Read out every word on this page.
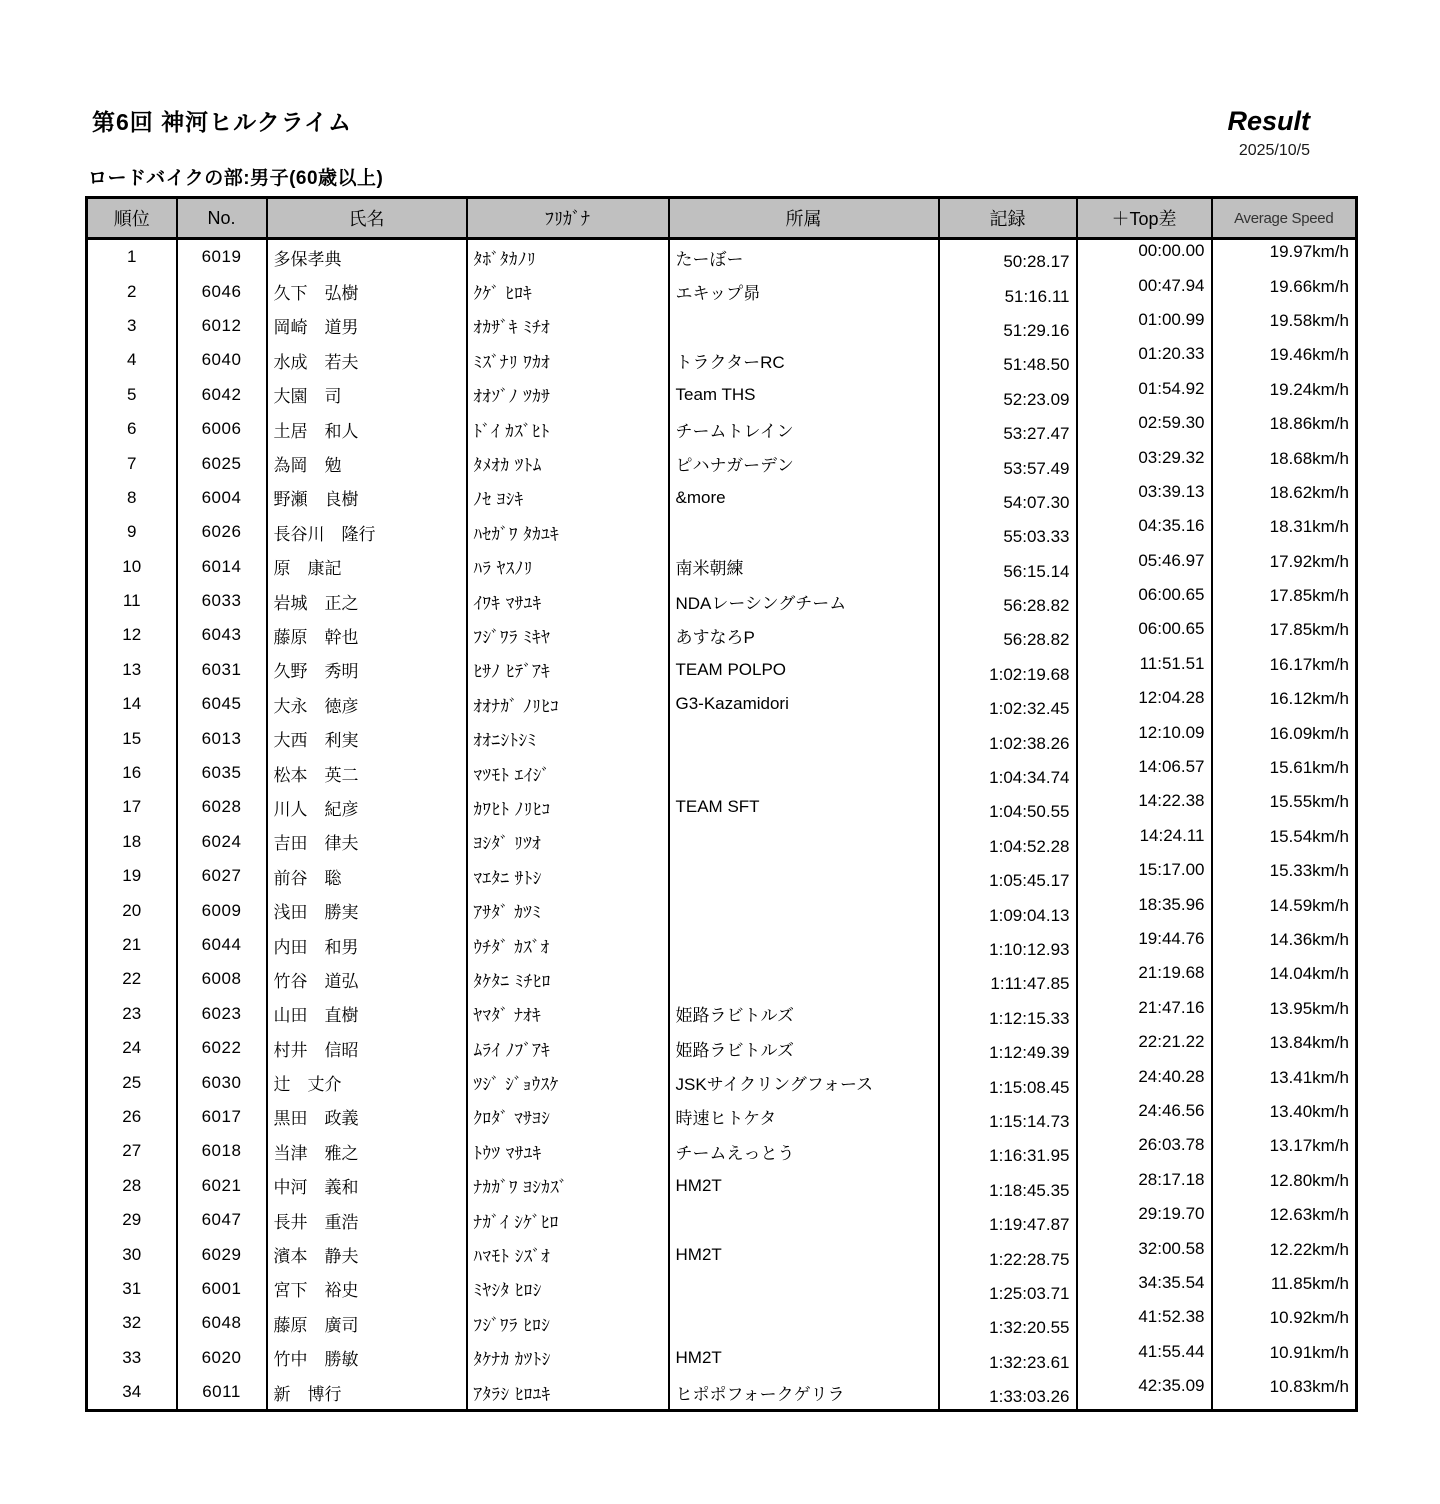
第6回 神河ヒルクライム	Result
2025/10/5
ロードバイクの部:男子(60歳以上)
順位	No.	氏名	ﾌﾘｶﾞﾅ	所属	記録	＋Top差	Average Speed
1	6019	多保孝典	ﾀﾎﾞﾀｶﾉﾘ	たーぼー	50:28.17	00:00.00	19.97km/h
2	6046	久下　弘樹	ｸｹﾞ ﾋﾛｷ	エキップ昴	51:16.11	00:47.94	19.66km/h
3	6012	岡崎　道男	ｵｶｻﾞｷ ﾐﾁｵ		51:29.16	01:00.99	19.58km/h
4	6040	水成　若夫	ﾐｽﾞﾅﾘ ﾜｶｵ	トラクターRC	51:48.50	01:20.33	19.46km/h
5	6042	大園　司	ｵｵｿﾞﾉ ﾂｶｻ	Team THS	52:23.09	01:54.92	19.24km/h
6	6006	土居　和人	ﾄﾞｲ ｶｽﾞﾋﾄ	チームトレイン	53:27.47	02:59.30	18.86km/h
7	6025	為岡　勉	ﾀﾒｵｶ ﾂﾄﾑ	ピハナガーデン	53:57.49	03:29.32	18.68km/h
8	6004	野瀬　良樹	ﾉｾ ﾖｼｷ	&more	54:07.30	03:39.13	18.62km/h
9	6026	長谷川　隆行	ﾊｾｶﾞﾜ ﾀｶﾕｷ		55:03.33	04:35.16	18.31km/h
10	6014	原　康記	ﾊﾗ ﾔｽﾉﾘ	南米朝練	56:15.14	05:46.97	17.92km/h
11	6033	岩城　正之	ｲﾜｷ ﾏｻﾕｷ	NDAレーシングチーム	56:28.82	06:00.65	17.85km/h
12	6043	藤原　幹也	ﾌｼﾞﾜﾗ ﾐｷﾔ	あすなろP	56:28.82	06:00.65	17.85km/h
13	6031	久野　秀明	ﾋｻﾉ ﾋﾃﾞｱｷ	TEAM POLPO	1:02:19.68	11:51.51	16.17km/h
14	6045	大永　徳彦	ｵｵﾅｶﾞ ﾉﾘﾋｺ	G3-Kazamidori	1:02:32.45	12:04.28	16.12km/h
15	6013	大西　利実	ｵｵﾆｼﾄｼﾐ		1:02:38.26	12:10.09	16.09km/h
16	6035	松本　英二	ﾏﾂﾓﾄ ｴｲｼﾞ		1:04:34.74	14:06.57	15.61km/h
17	6028	川人　紀彦	ｶﾜﾋﾄ ﾉﾘﾋｺ	TEAM SFT	1:04:50.55	14:22.38	15.55km/h
18	6024	吉田　律夫	ﾖｼﾀﾞ ﾘﾂｵ		1:04:52.28	14:24.11	15.54km/h
19	6027	前谷　聡	ﾏｴﾀﾆ ｻﾄｼ		1:05:45.17	15:17.00	15.33km/h
20	6009	浅田　勝実	ｱｻﾀﾞ ｶﾂﾐ		1:09:04.13	18:35.96	14.59km/h
21	6044	内田　和男	ｳﾁﾀﾞ ｶｽﾞｵ		1:10:12.93	19:44.76	14.36km/h
22	6008	竹谷　道弘	ﾀｹﾀﾆ ﾐﾁﾋﾛ		1:11:47.85	21:19.68	14.04km/h
23	6023	山田　直樹	ﾔﾏﾀﾞ ﾅｵｷ	姫路ラビトルズ	1:12:15.33	21:47.16	13.95km/h
24	6022	村井　信昭	ﾑﾗｲ ﾉﾌﾞｱｷ	姫路ラビトルズ	1:12:49.39	22:21.22	13.84km/h
25	6030	辻　丈介	ﾂｼﾞ ｼﾞｮｳｽｹ	JSKサイクリングフォース	1:15:08.45	24:40.28	13.41km/h
26	6017	黒田　政義	ｸﾛﾀﾞ ﾏｻﾖｼ	時速ヒトケタ	1:15:14.73	24:46.56	13.40km/h
27	6018	当津　雅之	ﾄｳﾂ ﾏｻﾕｷ	チームえっとう	1:16:31.95	26:03.78	13.17km/h
28	6021	中河　義和	ﾅｶｶﾞﾜ ﾖｼｶｽﾞ	HM2T	1:18:45.35	28:17.18	12.80km/h
29	6047	長井　重浩	ﾅｶﾞｲ ｼｹﾞﾋﾛ		1:19:47.87	29:19.70	12.63km/h
30	6029	濱本　静夫	ﾊﾏﾓﾄ ｼｽﾞｵ	HM2T	1:22:28.75	32:00.58	12.22km/h
31	6001	宮下　裕史	ﾐﾔｼﾀ ﾋﾛｼ		1:25:03.71	34:35.54	11.85km/h
32	6048	藤原　廣司	ﾌｼﾞﾜﾗ ﾋﾛｼ		1:32:20.55	41:52.38	10.92km/h
33	6020	竹中　勝敏	ﾀｹﾅｶ ｶﾂﾄｼ	HM2T	1:32:23.61	41:55.44	10.91km/h
34	6011	新　博行	ｱﾀﾗｼ ﾋﾛﾕｷ	ヒポポフォークゲリラ	1:33:03.26	42:35.09	10.83km/h
